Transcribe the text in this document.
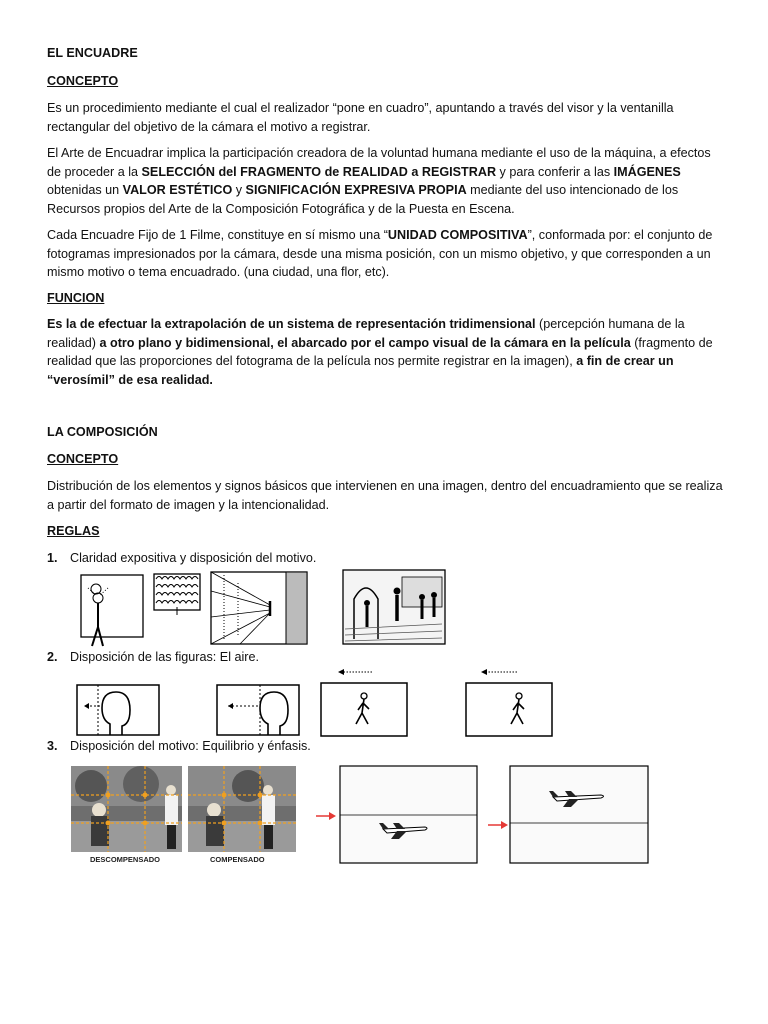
EL ENCUADRE

CONCEPTO

Es un procedimiento mediante el cual el realizador “pone en cuadro”, apuntando a través del visor y la ventanilla rectangular del objetivo de la cámara el motivo a registrar.

El Arte de Encuadrar implica la participación creadora de la voluntad humana mediante el uso de la máquina, a efectos de proceder a la SELECCIÓN del FRAGMENTO de REALIDAD a REGISTRAR y para conferir a las IMÁGENES obtenidas un VALOR ESTÉTICO y SIGNIFICACIÓN EXPRESIVA PROPIA mediante del uso intencionado de los Recursos propios del Arte de la Composición Fotográfica y de la Puesta en Escena.

Cada Encuadre Fijo de 1 Filme, constituye en sí mismo una “UNIDAD COMPOSITIVA”, conformada por: el conjunto de fotogramas impresionados por la cámara, desde una misma posición, con un mismo objetivo, y que corresponden a un mismo motivo o tema encuadrado. (una ciudad, una flor, etc).

FUNCION

Es la de efectuar la extrapolación de un sistema de representación tridimensional (percepción humana de la realidad) a otro plano y bidimensional, el abarcado por el campo visual de la cámara en la película (fragmento de realidad que las proporciones del fotograma de la película nos permite registrar en la imagen), a fin de crear un “verosímil” de esa realidad.

LA COMPOSICIÓN

CONCEPTO

Distribución de los elementos y signos básicos que intervienen en una imagen, dentro del encuadramiento que se realiza a partir del formato de imagen y la intencionalidad.

REGLAS

1. Claridad expositiva y disposición del motivo.
2. Disposición de las figuras: El aire.
3. Disposición del motivo: Equilibrio y énfasis.
DESCOMPENSADO	COMPENSADO
